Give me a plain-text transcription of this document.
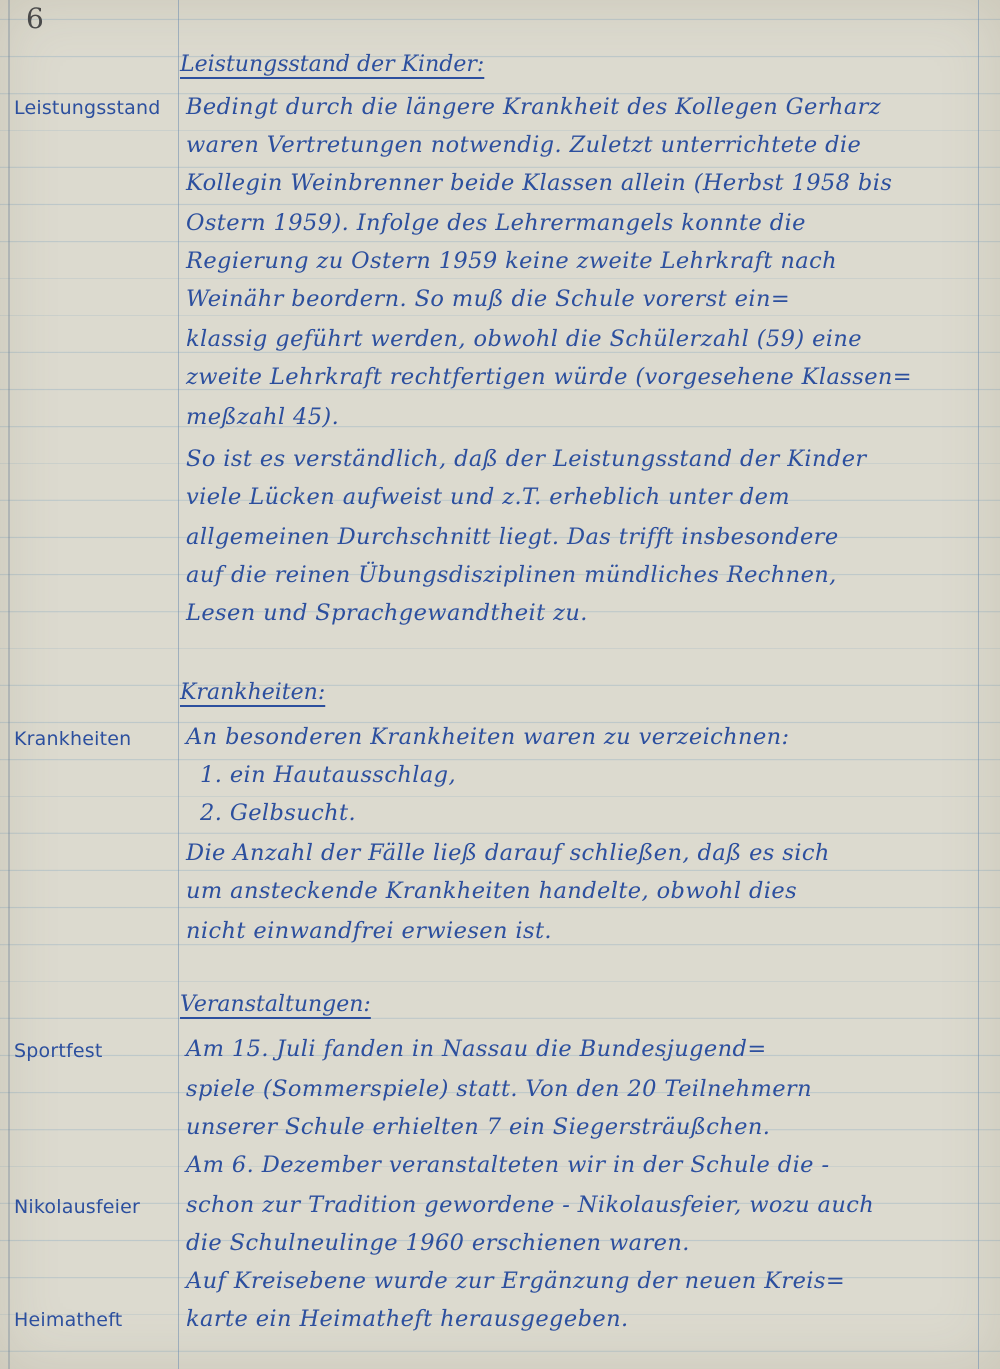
6
Leistungsstand
Krankheiten
Sportfest
Nikolausfeier
Heimatheft
Leistungsstand der Kinder:
Bedingt durch die längere Krankheit des Kollegen Gerharz
waren Vertretungen notwendig. Zuletzt unterrichtete die
Kollegin Weinbrenner beide Klassen allein (Herbst 1958 bis
Ostern 1959). Infolge des Lehrermangels konnte die
Regierung zu Ostern 1959 keine zweite Lehrkraft nach
Weinähr beordern. So muß die Schule vorerst ein=
klassig geführt werden, obwohl die Schülerzahl (59) eine
zweite Lehrkraft rechtfertigen würde (vorgesehene Klassen=
meßzahl 45).
So ist es verständlich, daß der Leistungsstand der Kinder
viele Lücken aufweist und z.T. erheblich unter dem
allgemeinen Durchschnitt liegt. Das trifft insbesondere
auf die reinen Übungsdisziplinen mündliches Rechnen,
Lesen und Sprachgewandtheit zu.
Krankheiten:
An besonderen Krankheiten waren zu verzeichnen:
1. ein Hautausschlag,
2. Gelbsucht.
Die Anzahl der Fälle ließ darauf schließen, daß es sich
um ansteckende Krankheiten handelte, obwohl dies
nicht einwandfrei erwiesen ist.
Veranstaltungen:
Am 15. Juli fanden in Nassau die Bundesjugend=
spiele (Sommerspiele) statt. Von den 20 Teilnehmern
unserer Schule erhielten 7 ein Siegersträußchen.
Am 6. Dezember veranstalteten wir in der Schule die -
schon zur Tradition gewordene - Nikolausfeier, wozu auch
die Schulneulinge 1960 erschienen waren.
Auf Kreisebene wurde zur Ergänzung der neuen Kreis=
karte ein Heimatheft herausgegeben.
